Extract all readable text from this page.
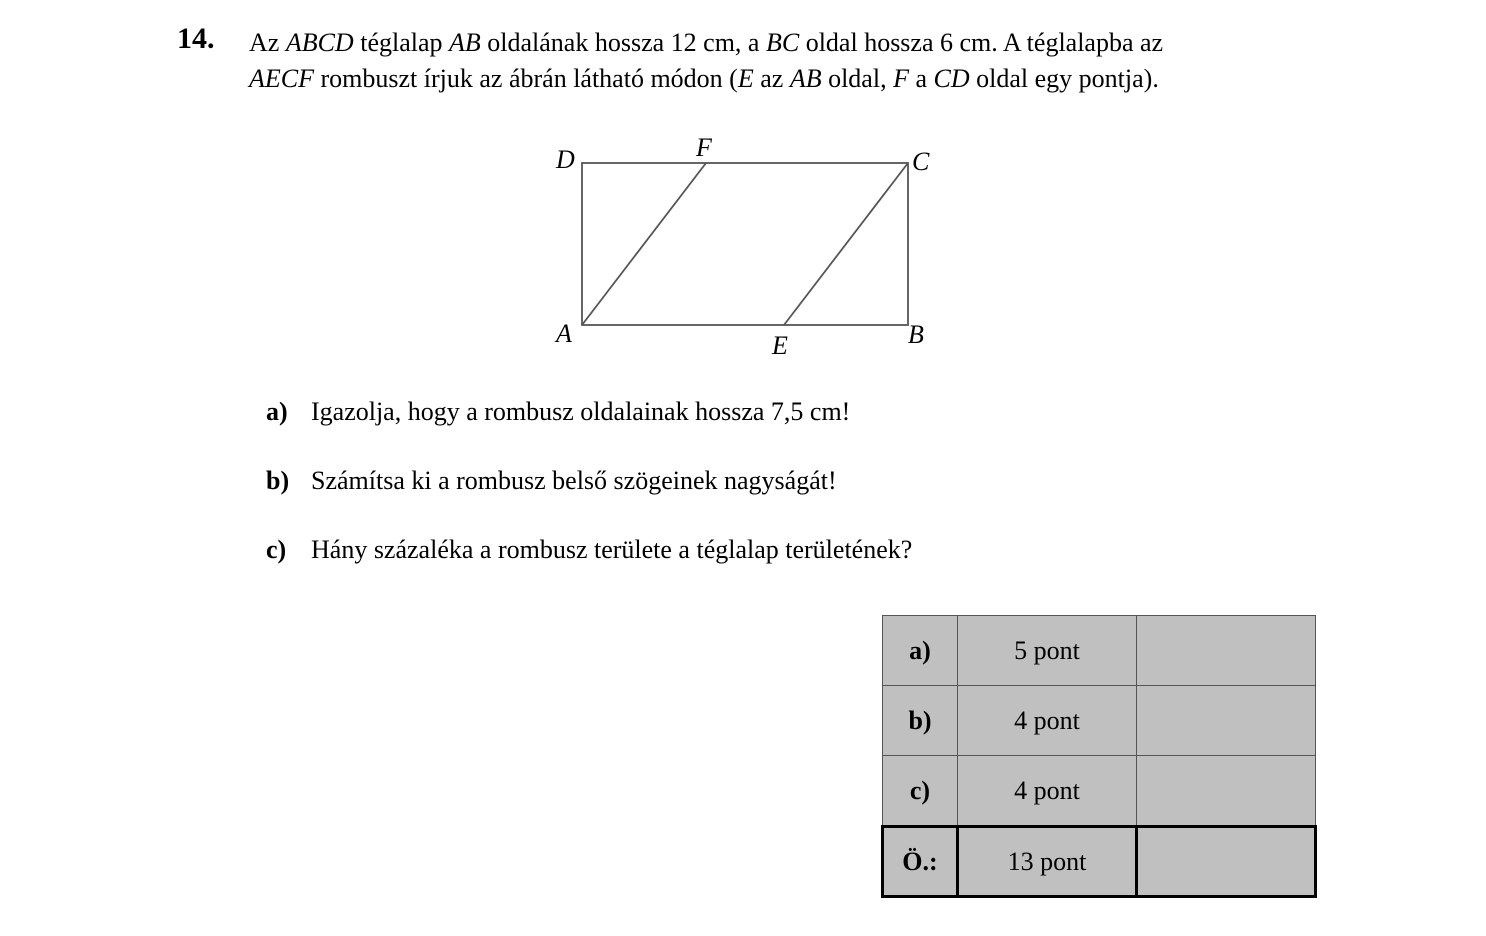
14. Az ABCD téglalap AB oldalának hossza 12 cm, a BC oldal hossza 6 cm. A téglalapba az
AECF rombuszt írjuk az ábrán látható módon (E az AB oldal, F a CD oldal egy pontja).
D	F	C
A	E	B
a) Igazolja, hogy a rombusz oldalainak hossza 7,5 cm!
b) Számítsa ki a rombusz belső szögeinek nagyságát!
c) Hány százaléka a rombusz területe a téglalap területének?
a)	5 pont	
b)	4 pont	
c)	4 pont	
Ö.:	13 pont	
